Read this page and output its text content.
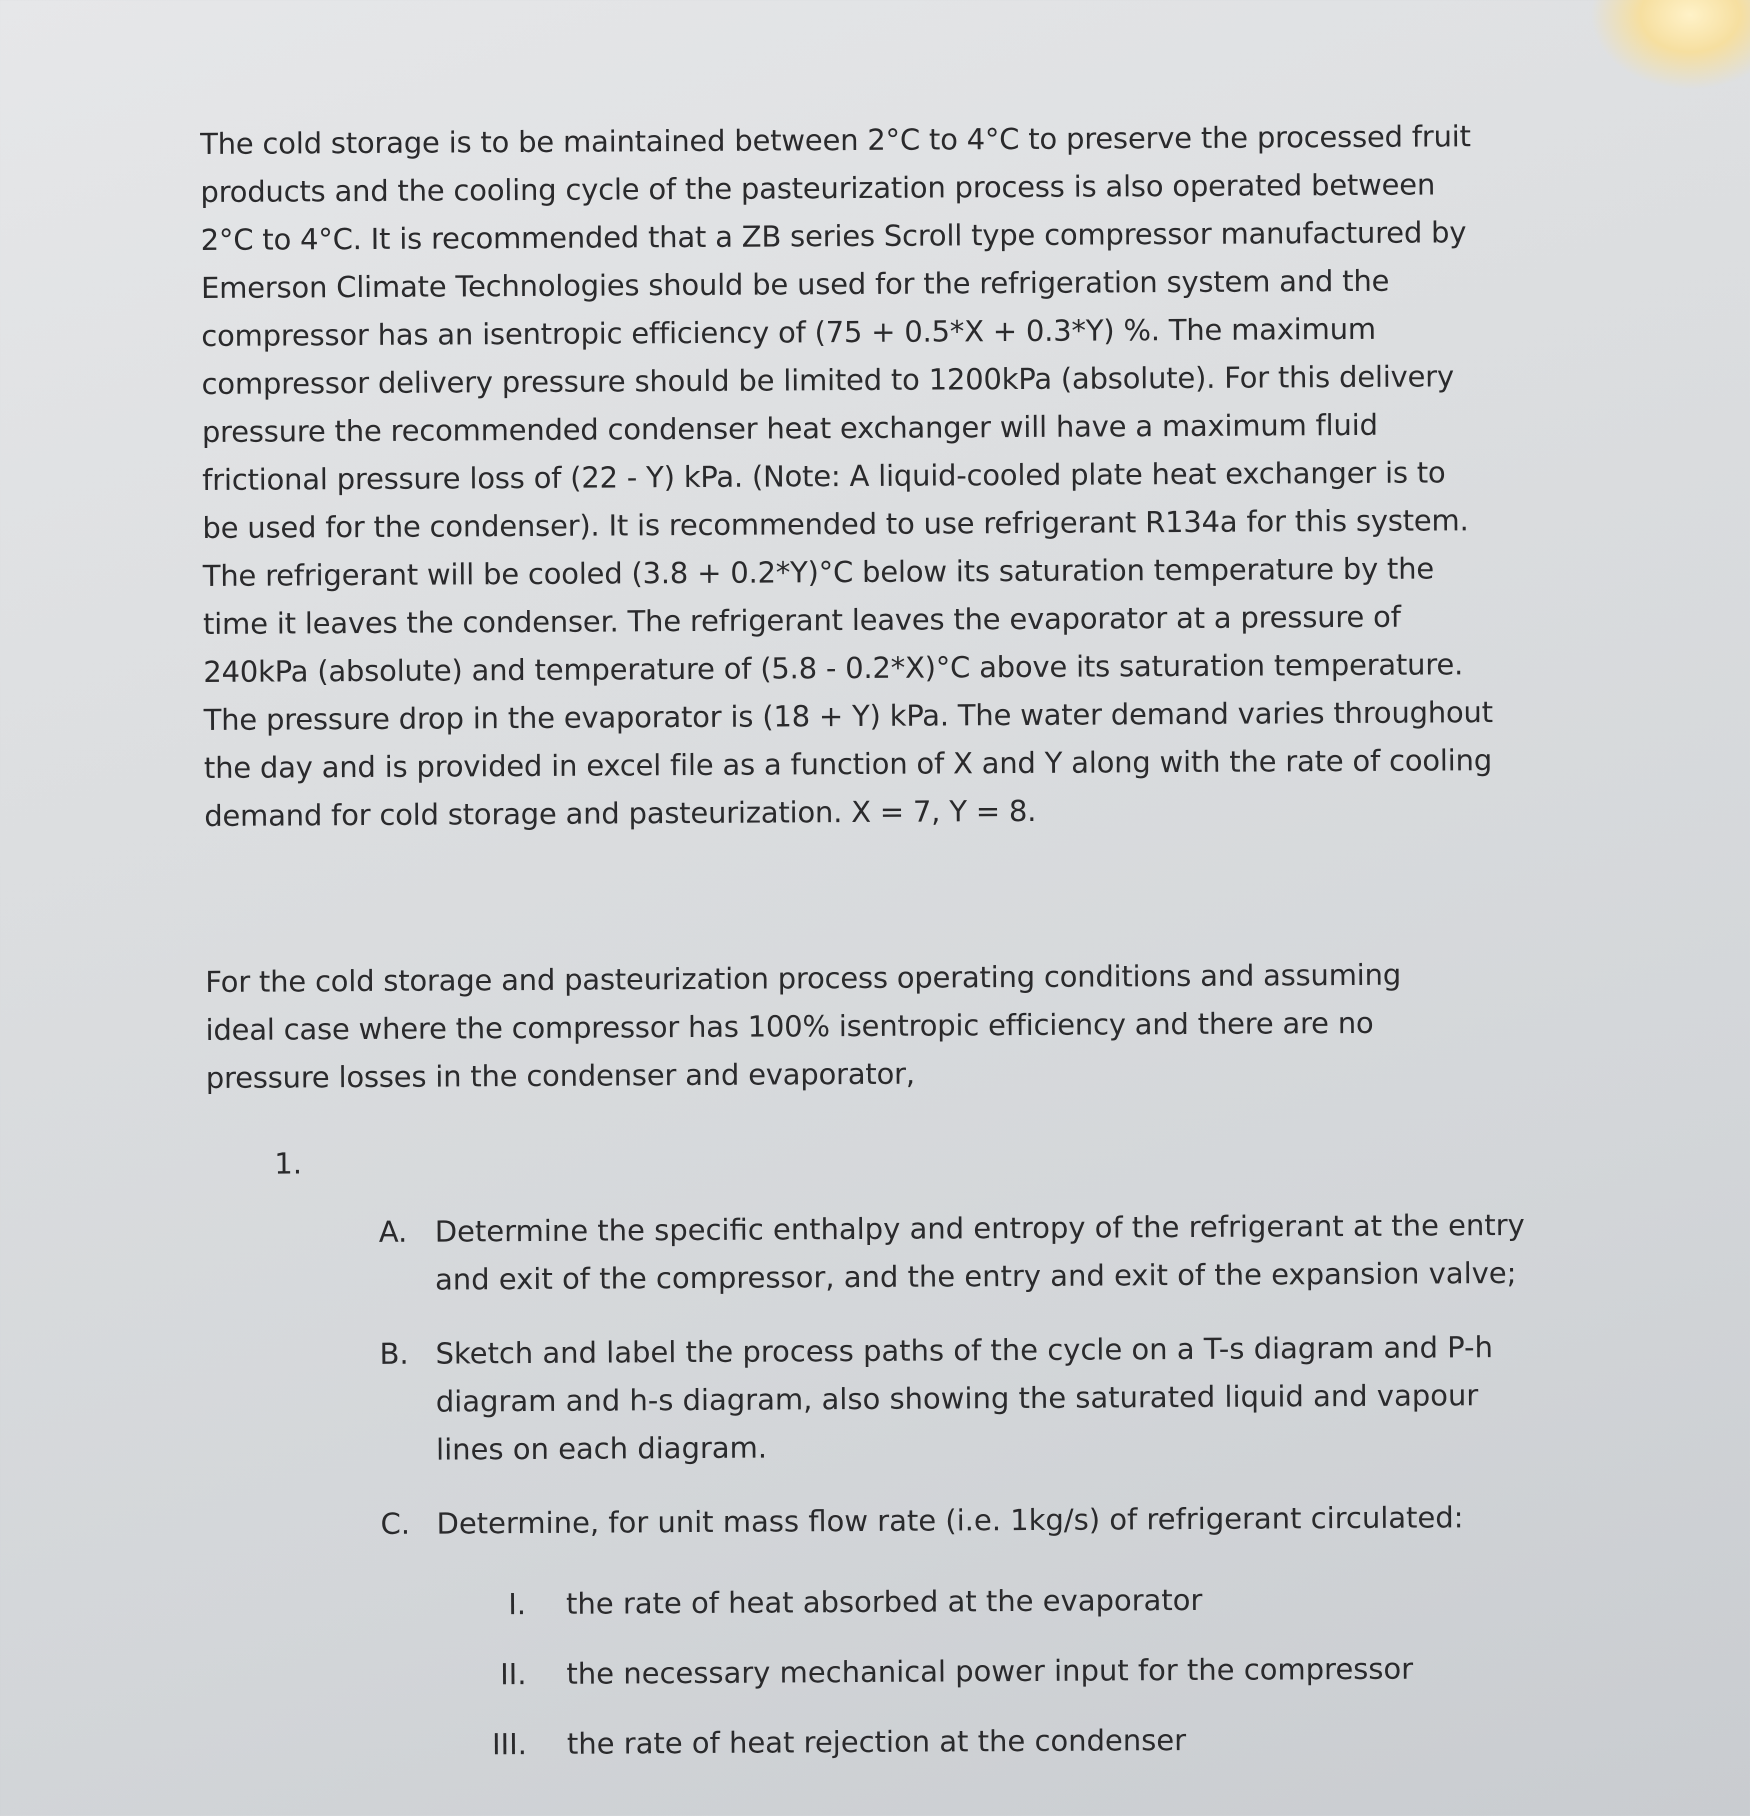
The cold storage is to be maintained between 2°C to 4°C to preserve the processed fruit
products and the cooling cycle of the pasteurization process is also operated between
2°C to 4°C. It is recommended that a ZB series Scroll type compressor manufactured by
Emerson Climate Technologies should be used for the refrigeration system and the
compressor has an isentropic efficiency of (75 + 0.5*X + 0.3*Y) %. The maximum
compressor delivery pressure should be limited to 1200kPa (absolute). For this delivery
pressure the recommended condenser heat exchanger will have a maximum fluid
frictional pressure loss of (22 - Y) kPa. (Note: A liquid-cooled plate heat exchanger is to
be used for the condenser). It is recommended to use refrigerant R134a for this system.
The refrigerant will be cooled (3.8 + 0.2*Y)°C below its saturation temperature by the
time it leaves the condenser. The refrigerant leaves the evaporator at a pressure of
240kPa (absolute) and temperature of (5.8 - 0.2*X)°C above its saturation temperature.
The pressure drop in the evaporator is (18 + Y) kPa. The water demand varies throughout
the day and is provided in excel file as a function of X and Y along with the rate of cooling
demand for cold storage and pasteurization. X = 7, Y = 8.

For the cold storage and pasteurization process operating conditions and assuming
ideal case where the compressor has 100% isentropic efficiency and there are no
pressure losses in the condenser and evaporator,

1.
A. Determine the specific enthalpy and entropy of the refrigerant at the entry
and exit of the compressor, and the entry and exit of the expansion valve;
B. Sketch and label the process paths of the cycle on a T-s diagram and P-h
diagram and h-s diagram, also showing the saturated liquid and vapour
lines on each diagram.
C. Determine, for unit mass flow rate (i.e. 1kg/s) of refrigerant circulated:
I.	the rate of heat absorbed at the evaporator
II.	the necessary mechanical power input for the compressor
III.	the rate of heat rejection at the condenser
